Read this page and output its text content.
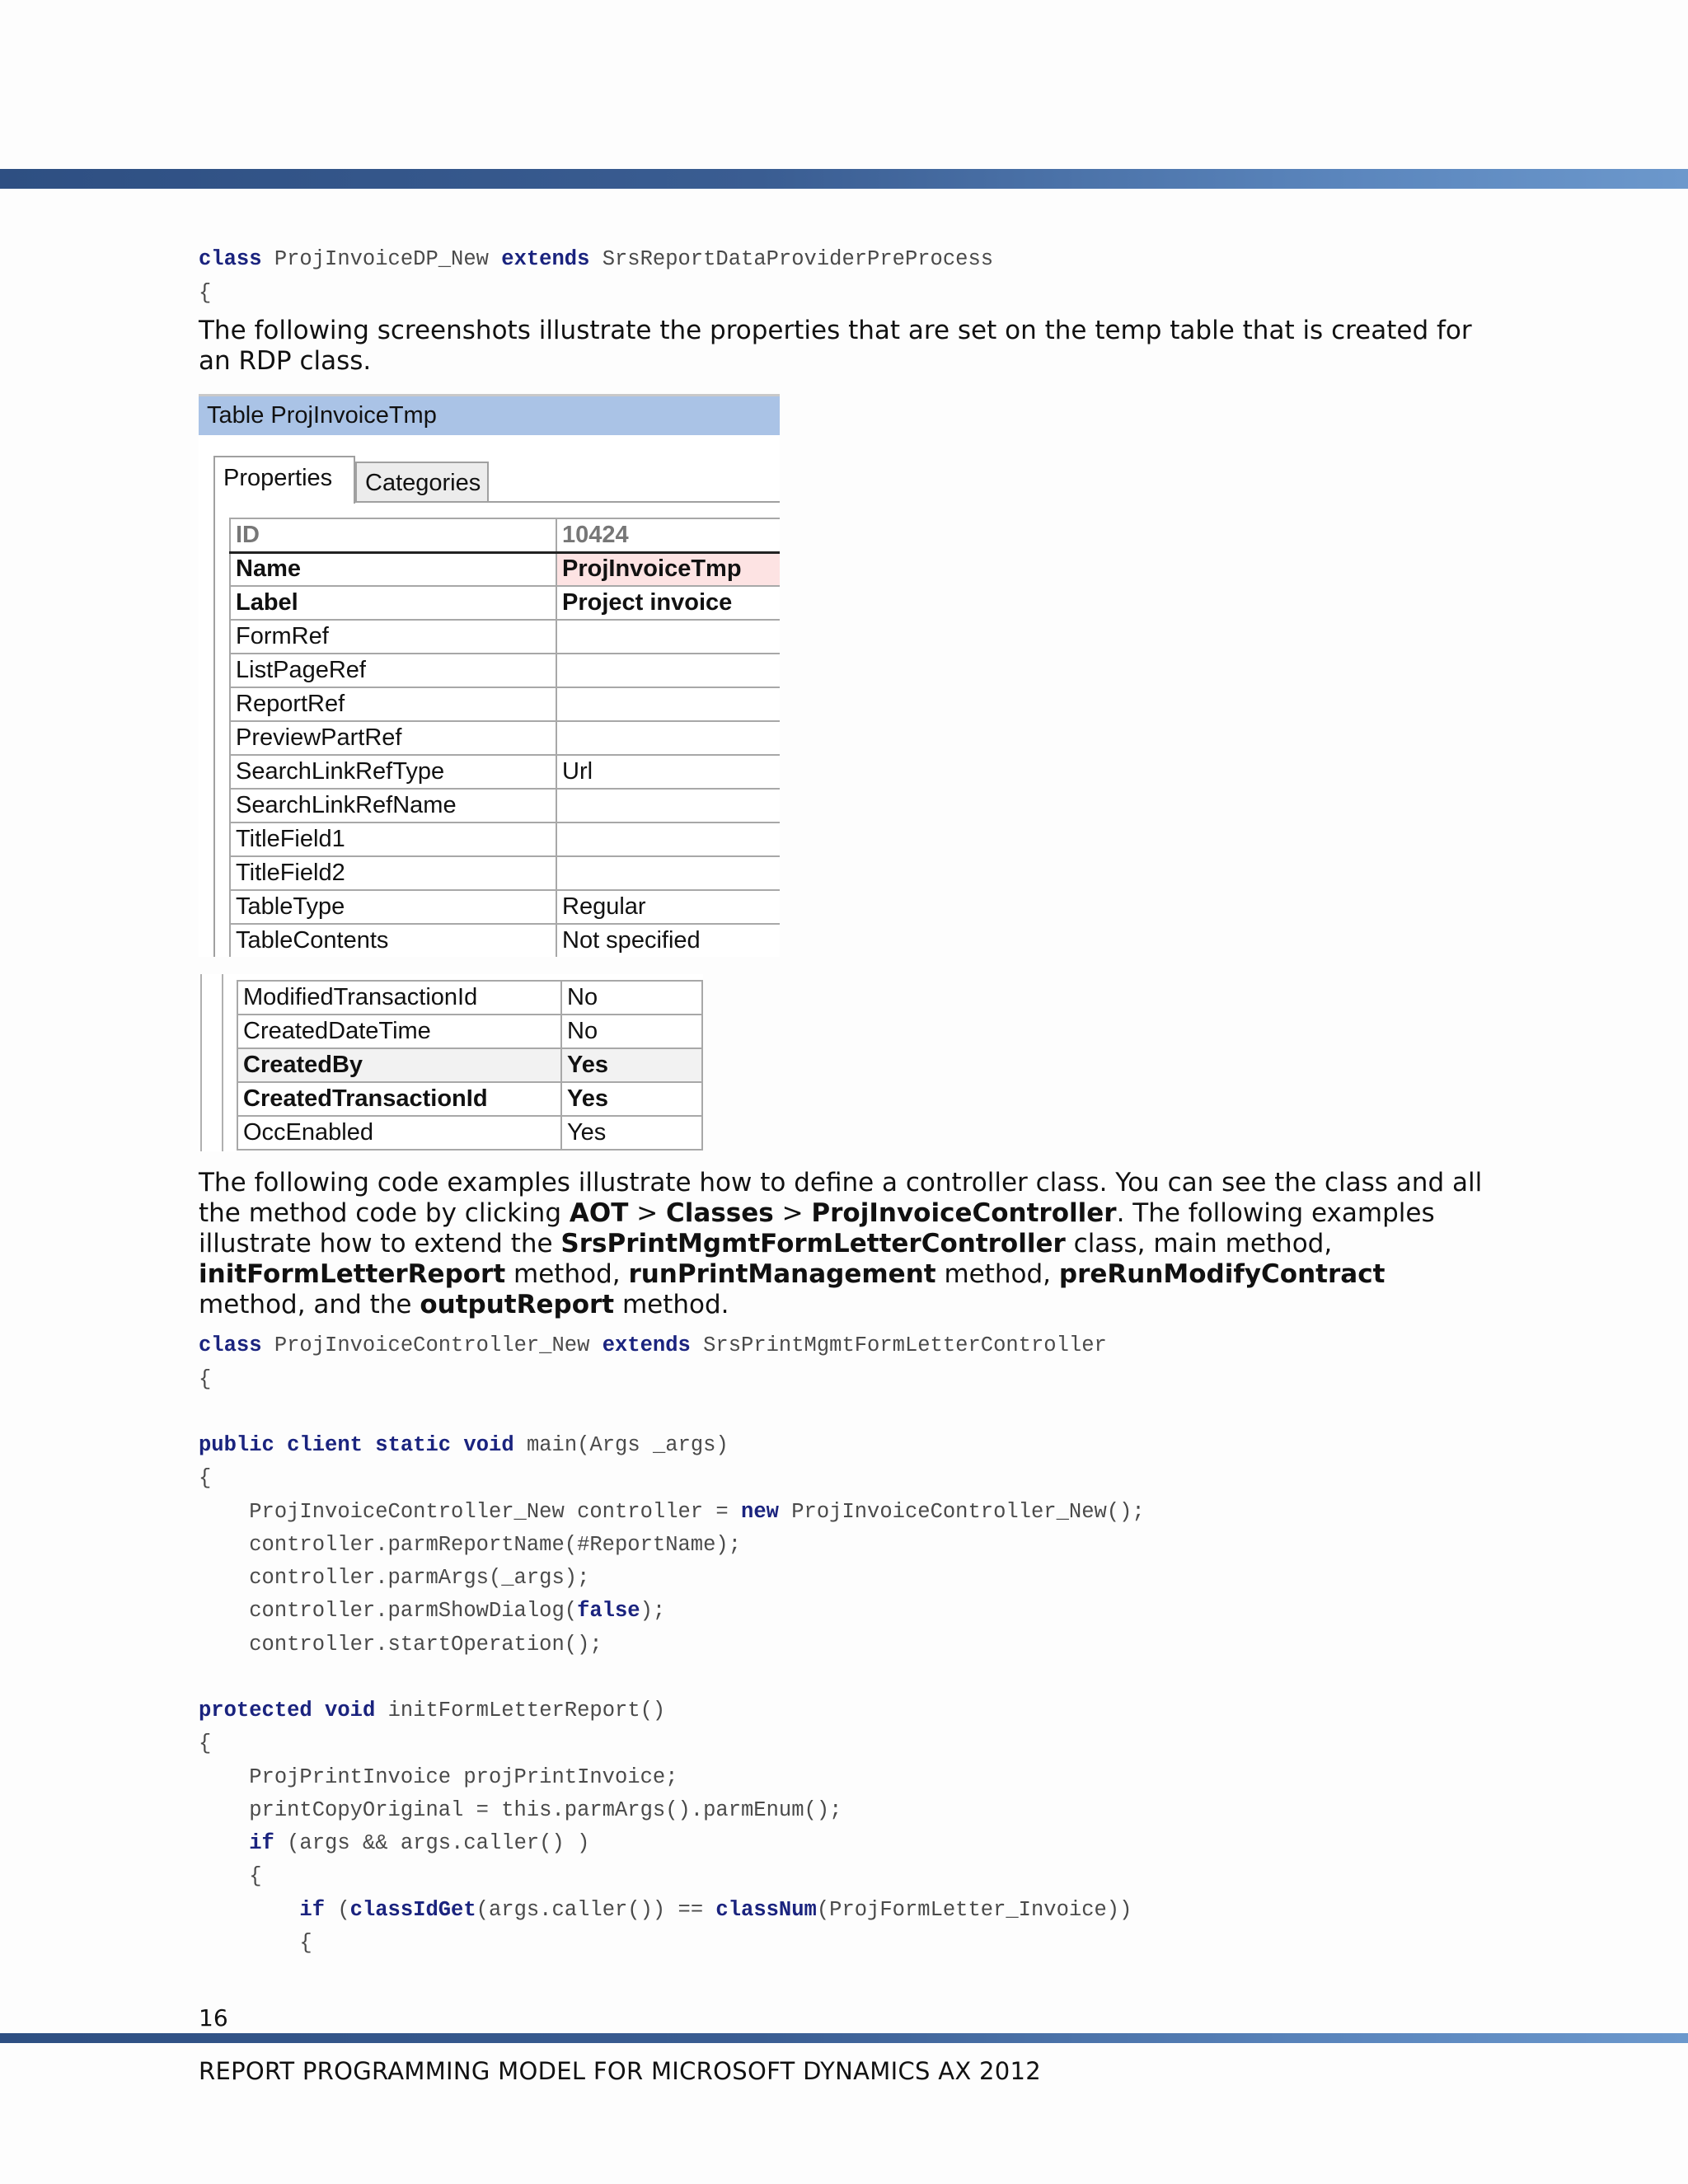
class ProjInvoiceDP_New extends SrsReportDataProviderPreProcess
{
The following screenshots illustrate the properties that are set on the temp table that is created for an RDP class.
Table ProjInvoiceTmp
Properties	Categories
ID	10424
Name	ProjInvoiceTmp
Label	Project invoice
FormRef	
ListPageRef	
ReportRef	
PreviewPartRef	
SearchLinkRefType	Url
SearchLinkRefName	
TitleField1	
TitleField2	
TableType	Regular
TableContents	Not specified
ModifiedTransactionId	No
CreatedDateTime	No
CreatedBy	Yes
CreatedTransactionId	Yes
OccEnabled	Yes
The following code examples illustrate how to define a controller class. You can see the class and all the method code by clicking AOT > Classes > ProjInvoiceController. The following examples illustrate how to extend the SrsPrintMgmtFormLetterController class, main method, initFormLetterReport method, runPrintManagement method, preRunModifyContract method, and the outputReport method.
class ProjInvoiceController_New extends SrsPrintMgmtFormLetterController
{
public client static void main(Args _args)
{
ProjInvoiceController_New controller = new ProjInvoiceController_New();
controller.parmReportName(#ReportName);
controller.parmArgs(_args);
controller.parmShowDialog(false);
controller.startOperation();
protected void initFormLetterReport()
{
ProjPrintInvoice projPrintInvoice;
printCopyOriginal = this.parmArgs().parmEnum();
if (args && args.caller() )
{
if (classIdGet(args.caller()) == classNum(ProjFormLetter_Invoice))
{
16
REPORT PROGRAMMING MODEL FOR MICROSOFT DYNAMICS AX 2012
